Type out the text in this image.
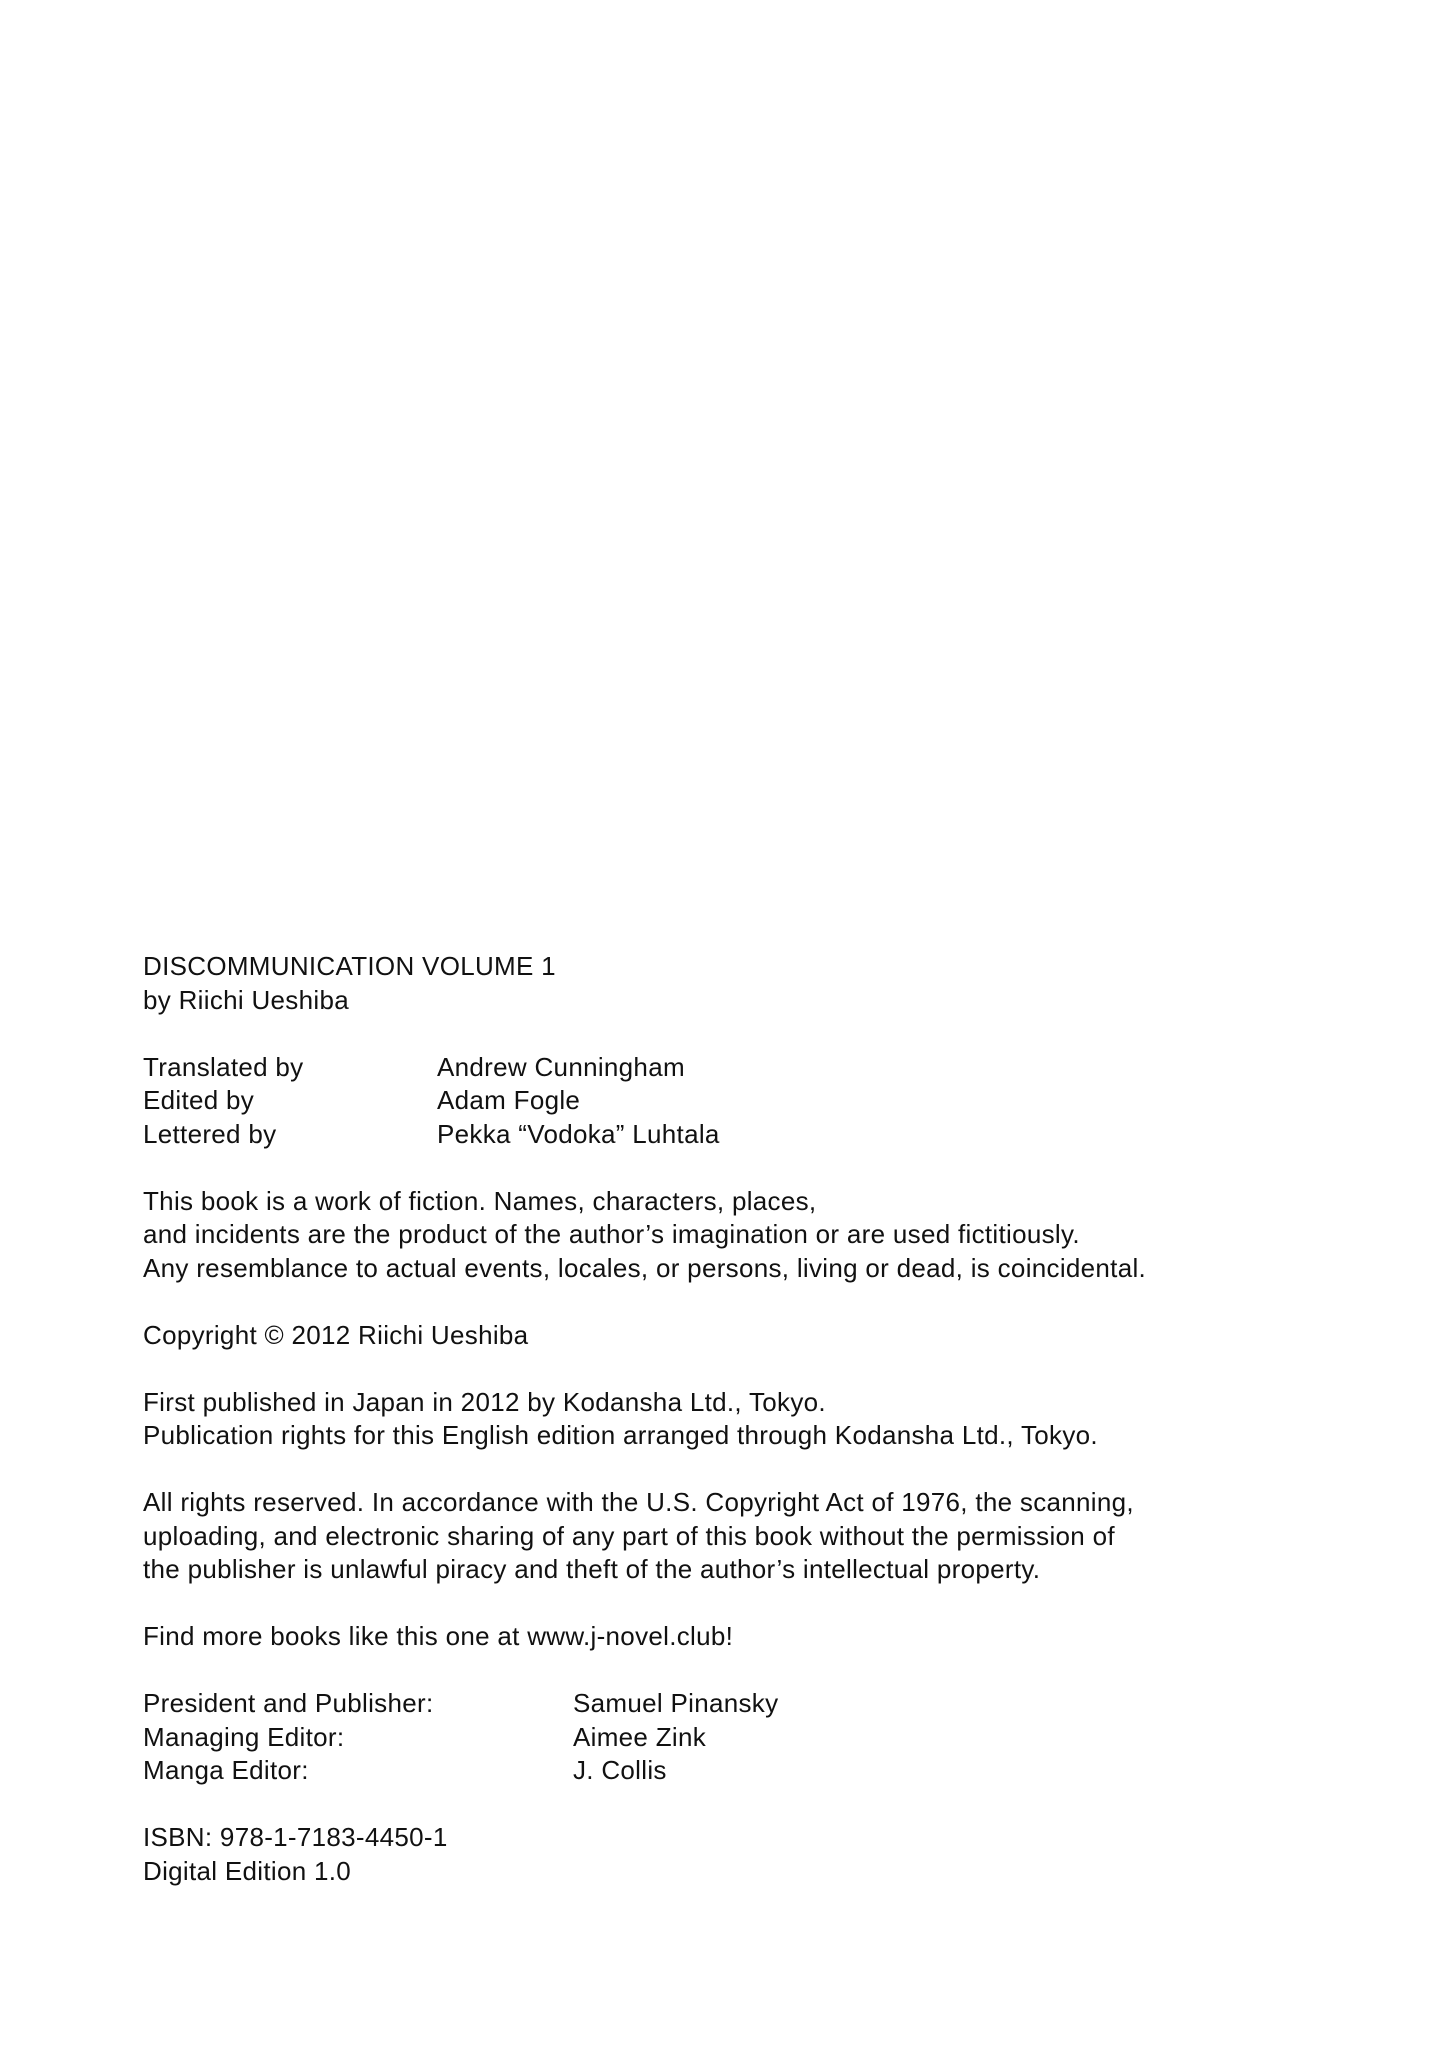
DISCOMMUNICATION VOLUME 1
by Riichi Ueshiba
Translated by	Andrew Cunningham
Edited by	Adam Fogle
Lettered by	Pekka “Vodoka” Luhtala
This book is a work of fiction. Names, characters, places,
and incidents are the product of the author’s imagination or are used fictitiously.
Any resemblance to actual events, locales, or persons, living or dead, is coincidental.
Copyright © 2012 Riichi Ueshiba
First published in Japan in 2012 by Kodansha Ltd., Tokyo.
Publication rights for this English edition arranged through Kodansha Ltd., Tokyo.
All rights reserved. In accordance with the U.S. Copyright Act of 1976, the scanning,
uploading, and electronic sharing of any part of this book without the permission of
the publisher is unlawful piracy and theft of the author’s intellectual property.
Find more books like this one at www.j-novel.club!
President and Publisher:	Samuel Pinansky
Managing Editor:	Aimee Zink
Manga Editor:	J. Collis
ISBN: 978-1-7183-4450-1
Digital Edition 1.0
